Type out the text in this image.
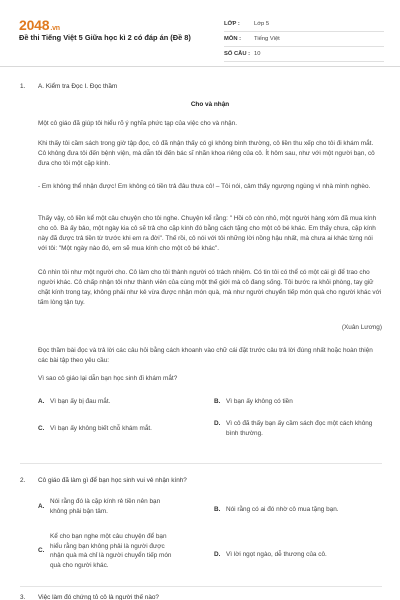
2048.vn
Đề thi Tiếng Việt 5 Giữa học kì 2 có đáp án (Đề 8)
LỚP :	Lớp 5
MÔN :	Tiếng Việt
SỐ CÂU : 10
1. A. Kiểm tra Đọc I. Đọc thầm
Cho và nhận
Một cô giáo đã giúp tôi hiểu rõ ý nghĩa phức tạp của việc cho và nhận.
Khi thấy tôi cầm sách trong giờ tập đọc, cô đã nhận thấy có gì không bình thường, cô liền thu xếp cho tôi đi khám mắt. Cô không đưa tôi đến bệnh viện, mà dẫn tôi đến bác sĩ nhãn khoa riêng của cô. Ít hôm sau, như với một người bạn, cô đưa cho tôi một cặp kính.
- Em không thể nhận được! Em không có tiền trả đâu thưa cô! – Tôi nói, cảm thấy ngượng ngùng vì nhà mình nghèo.
Thấy vậy, cô liền kể một câu chuyện cho tôi nghe. Chuyện kể rằng: " Hồi cô còn nhỏ, một người hàng xóm đã mua kính cho cô. Bà ấy bảo, một ngày kia cô sẽ trả cho cặp kính đó bằng cách tặng cho một cô bé khác. Em thấy chưa, cặp kính này đã được trả tiền từ trước khi em ra đời". Thế rồi, cô nói với tôi những lời nồng hậu nhất, mà chưa ai khác từng nói với tôi: "Một ngày nào đó, em sẽ mua kính cho một cô bé khác".
Cô nhìn tôi như một người cho. Cô làm cho tôi thành người có trách nhiệm. Có tin tôi có thể có một cái gì để trao cho người khác. Cô chấp nhận tôi như thành viên của cùng một thế giới mà cô đang sống. Tôi bước ra khỏi phòng, tay giữ chặt kính trong tay, không phải như kẻ vừa được nhận món quà, mà như người chuyển tiếp món quà cho người khác với tấm lòng tận tụy.
(Xuân Lương)
Đọc thầm bài đọc và trả lời các câu hỏi bằng cách khoanh vào chữ cái đặt trước câu trả lời đúng nhất hoặc hoàn thiện các bài tập theo yêu cầu:
Vì sao cô giáo lại dẫn bạn học sinh đi khám mắt?
A. Vì bạn ấy bị đau mắt.	B. Vì bạn ấy không có tiền
C. Vì bạn ấy không biết chỗ khám mắt.
D. Vì cô đã thấy bạn ấy cầm sách đọc một cách không bình thường.
2. Cô giáo đã làm gì để bạn học sinh vui vẻ nhận kính?
A.
Nói rằng đó là cặp kính rẻ tiền nên bạn không phải bận tâm.	B. Nói rằng có ai đó nhờ cô mua tặng bạn.
C.
Kể cho bạn nghe một câu chuyện để bạn hiểu rằng bạn không phải là người được nhận quà mà chỉ là người chuyển tiếp món quà cho người khác.
D. Vì lời ngọt ngào, dễ thương của cô.
3. Việc làm đó chứng tỏ cô là người thế nào?
